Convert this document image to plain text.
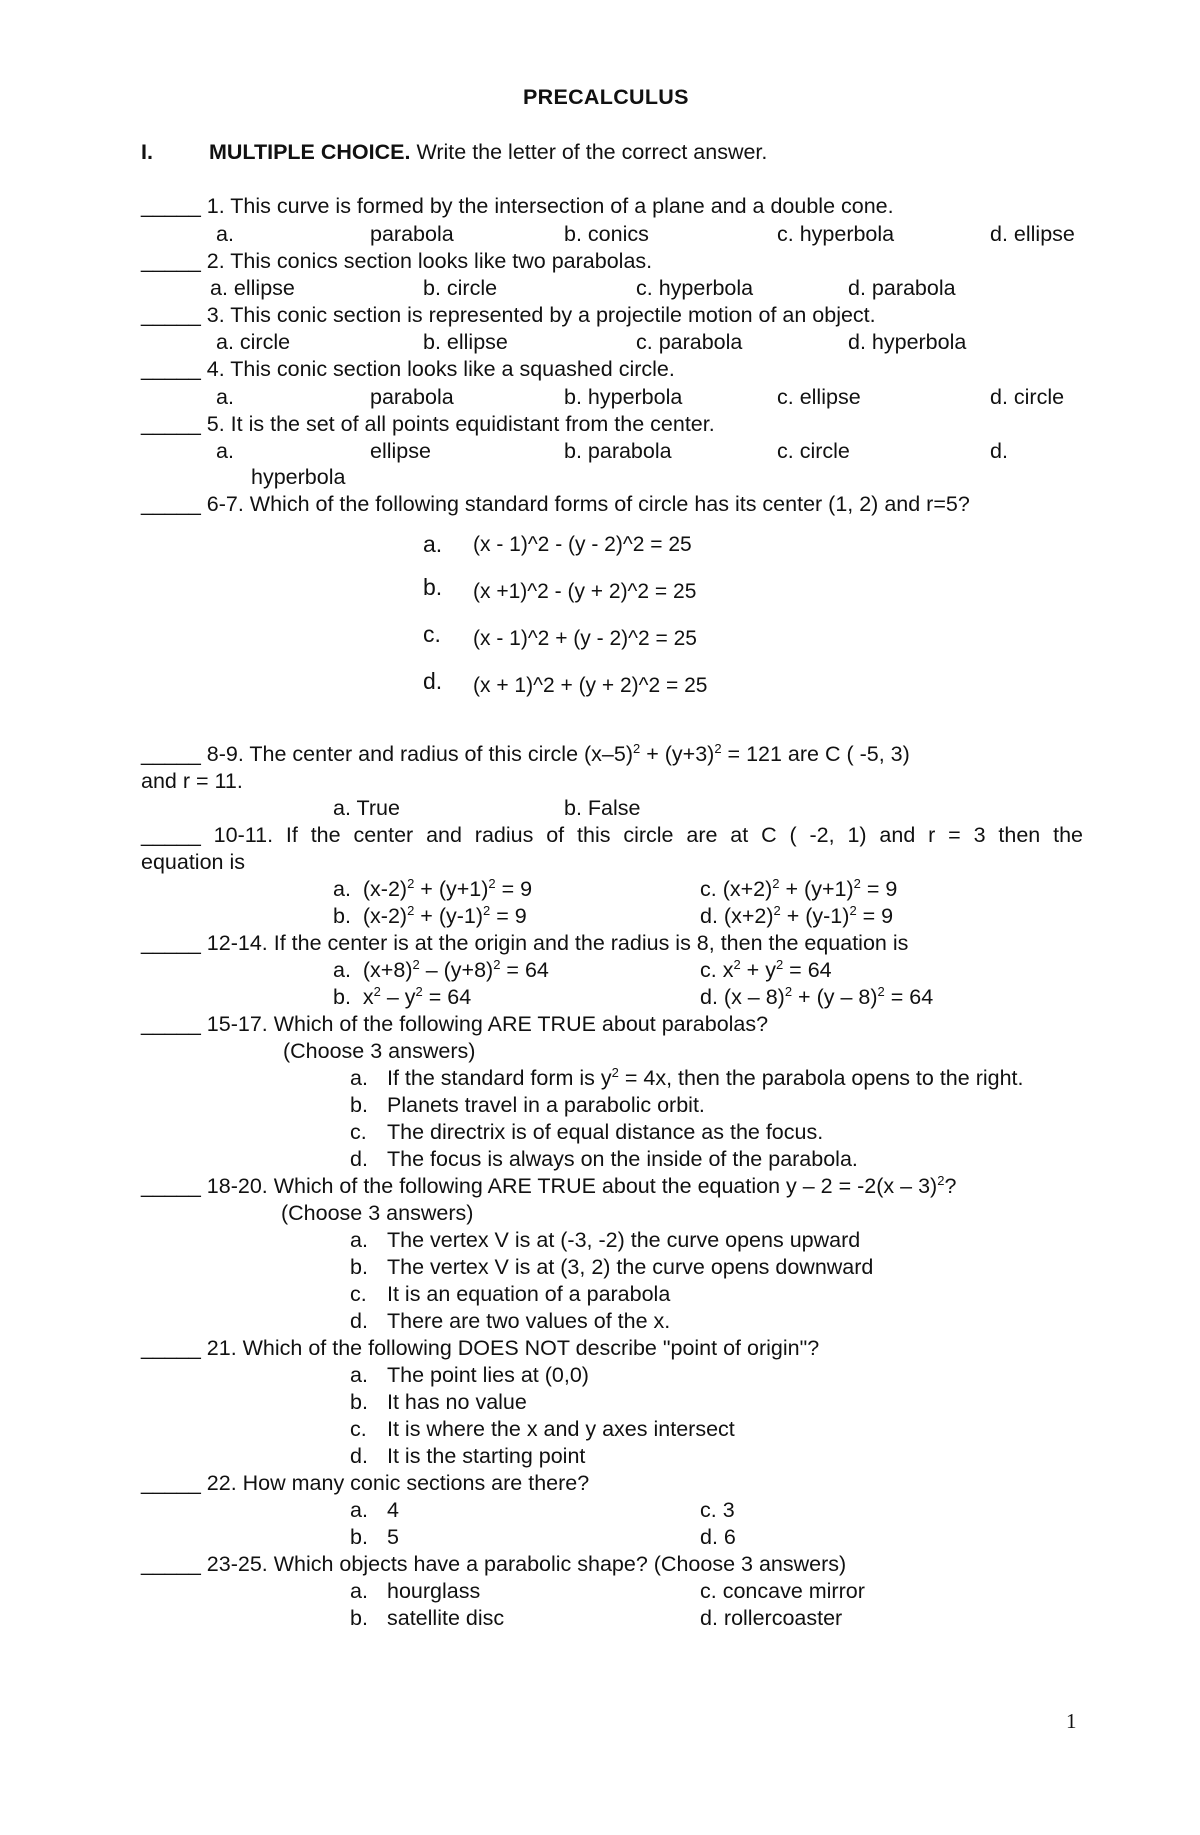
PRECALCULUS
I.	MULTIPLE CHOICE. Write the letter of the correct answer.
_____ 1. This curve is formed by the intersection of a plane and a double cone.
a.	parabola	b. conics	c. hyperbola	d. ellipse
_____ 2. This conics section looks like two parabolas.
a. ellipse	b. circle	c. hyperbola	d. parabola
_____ 3. This conic section is represented by a projectile motion of an object.
a. circle	b. ellipse	c. parabola	d. hyperbola
_____ 4. This conic section looks like a squashed circle.
a.	parabola	b. hyperbola	c. ellipse	d. circle
_____ 5. It is the set of all points equidistant from the center.
a.	ellipse	b. parabola	c. circle	d.
hyperbola
_____ 6-7. Which of the following standard forms of circle has its center (1, 2) and r=5?
a. (x - 1)^2 - (y - 2)^2 = 25
b. (x +1)^2 - (y + 2)^2 = 25
c. (x - 1)^2 + (y - 2)^2 = 25
d. (x + 1)^2 + (y + 2)^2 = 25
_____ 8-9. The center and radius of this circle $(x-5)^2 + (y+3)^2 = 121$ are C ( -5, 3)
and r = 11.
a. True	b. False
_____ 10-11. If the center and radius of this circle are at C ( -2, 1) and r = 3 then the
equation is
a. $(x-2)^2 + (y+1)^2 = 9$	c. $(x+2)^2 + (y+1)^2 = 9$
b. $(x-2)^2 + (y-1)^2 = 9$	d. $(x+2)^2 + (y-1)^2 = 9$
_____ 12-14. If the center is at the origin and the radius is 8, then the equation is
a. $(x+8)^2 - (y+8)^2 = 64$	c. $x^2 + y^2 = 64$
b. $x^2 - y^2 = 64$	d. (x – 8)$^2$ + (y – 8)$^2$ = 64
_____ 15-17. Which of the following ARE TRUE about parabolas?
(Choose 3 answers)
a. If the standard form is $y^2 = 4x$, then the parabola opens to the right.
b. Planets travel in a parabolic orbit.
c. The directrix is of equal distance as the focus.
d. The focus is always on the inside of the parabola.
_____ 18-20. Which of the following ARE TRUE about the equation y – 2 = -2(x – 3)$^2$?
(Choose 3 answers)
a. The vertex V is at (-3, -2) the curve opens upward
b. The vertex V is at (3, 2) the curve opens downward
c. It is an equation of a parabola
d. There are two values of the x.
_____ 21. Which of the following DOES NOT describe "point of origin"?
a. The point lies at (0,0)
b. It has no value
c. It is where the x and y axes intersect
d. It is the starting point
_____ 22. How many conic sections are there?
a. 4	c. 3
b. 5	d. 6
_____ 23-25. Which objects have a parabolic shape? (Choose 3 answers)
a. hourglass	c. concave mirror
b. satellite disc	d. rollercoaster
1
